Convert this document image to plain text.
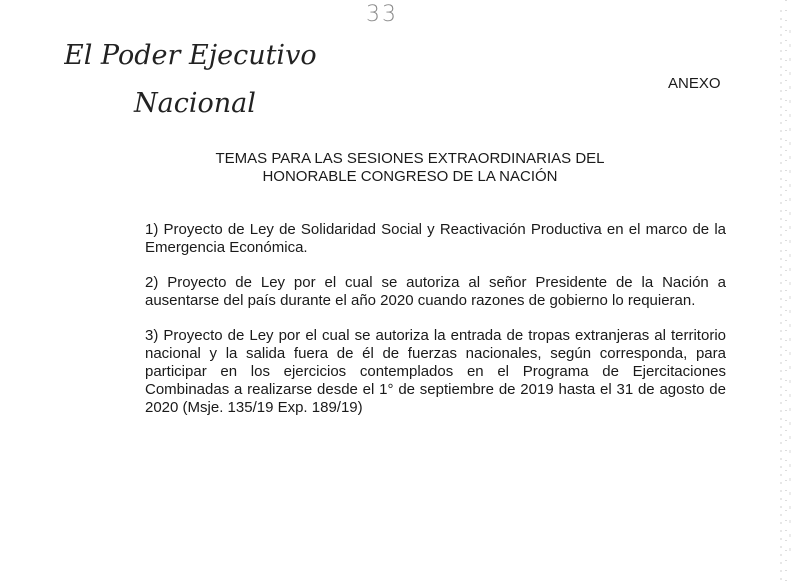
33
El Poder Ejecutivo
Nacional
ANEXO
TEMAS PARA LAS SESIONES EXTRAORDINARIAS DEL
HONORABLE CONGRESO DE LA NACIÓN

1) Proyecto de Ley de Solidaridad Social y Reactivación Productiva en el marco de la Emergencia Económica.

2) Proyecto de Ley por el cual se autoriza al señor Presidente de la Nación a ausentarse del país durante el año 2020 cuando razones de gobierno lo requieran.

3) Proyecto de Ley por el cual se autoriza la entrada de tropas extranjeras al territorio nacional y la salida fuera de él de fuerzas nacionales, según corresponda, para participar en los ejercicios contemplados en el Programa de Ejercitaciones Combinadas a realizarse desde el 1° de septiembre de 2019 hasta el 31 de agosto de 2020 (Msje. 135/19 Exp. 189/19)
